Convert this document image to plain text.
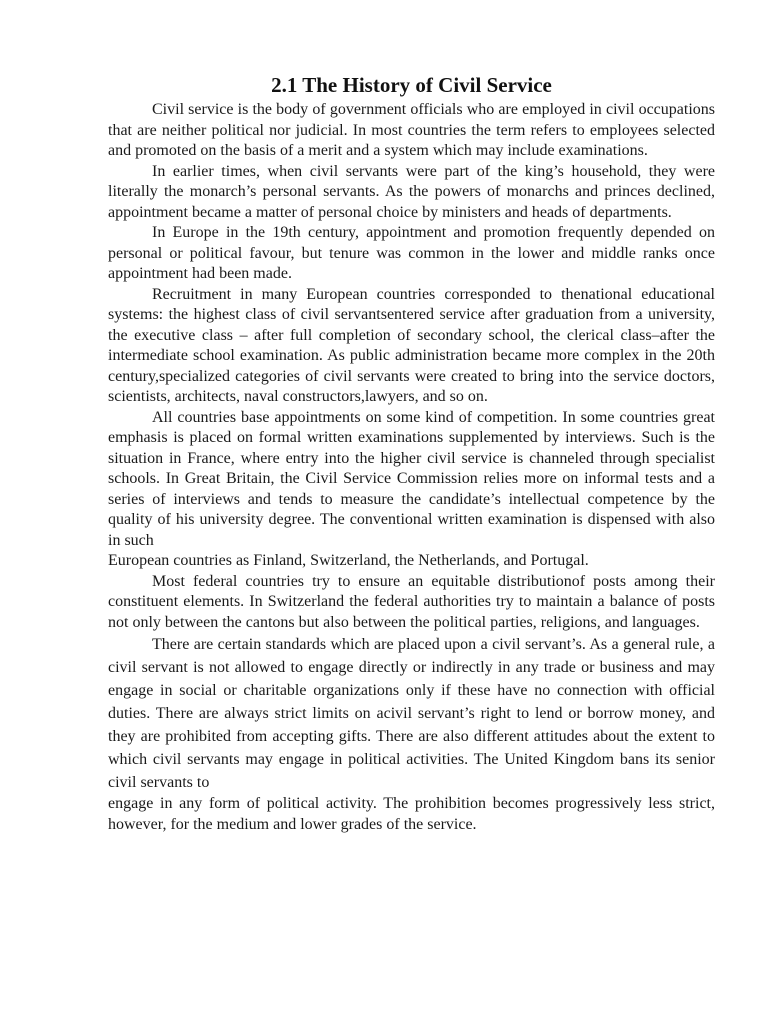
2.1 The History of Civil Service

Civil service is the body of government officials who are employed in civil occupations that are neither political nor judicial. In most countries the term refers to employees selected and promoted on the basis of a merit and a system which may include examinations.

In earlier times, when civil servants were part of the king’s household, they were literally the monarch’s personal servants. As the powers of monarchs and princes declined, appointment became a matter of personal choice by ministers and heads of departments.

In Europe in the 19th century, appointment and promotion frequently depended on personal or political favour, but tenure was common in the lower and middle ranks once appointment had been made.

Recruitment in many European countries corresponded to thenational educational systems: the highest class of civil servantsentered service after graduation from a university, the executive class – after full completion of secondary school, the clerical class–after the intermediate school examination. As public administration became more complex in the 20th century,specialized categories of civil servants were created to bring into the service doctors, scientists, architects, naval constructors,lawyers, and so on.

All countries base appointments on some kind of competition. In some countries great emphasis is placed on formal written examinations supplemented by interviews. Such is the situation in France, where entry into the higher civil service is channeled through specialist schools. In Great Britain, the Civil Service Commission relies more on informal tests and a series of interviews and tends to measure the candidate’s intellectual competence by the quality of his university degree. The conventional written examination is dispensed with also in such

European countries as Finland, Switzerland, the Netherlands, and Portugal.

Most federal countries try to ensure an equitable distributionof posts among their constituent elements. In Switzerland the federal authorities try to maintain a balance of posts not only between the cantons but also between the political parties, religions, and languages.

There are certain standards which are placed upon a civil servant’s. As a general rule, a civil servant is not allowed to engage directly or indirectly in any trade or business and may engage in social or charitable organizations only if these have no connection with official duties. There are always strict limits on acivil servant’s right to lend or borrow money, and they are prohibited from accepting gifts. There are also different attitudes about the extent to which civil servants may engage in political activities. The United Kingdom bans its senior civil servants to

engage in any form of political activity. The prohibition becomes progressively less strict, however, for the medium and lower grades of the service.
